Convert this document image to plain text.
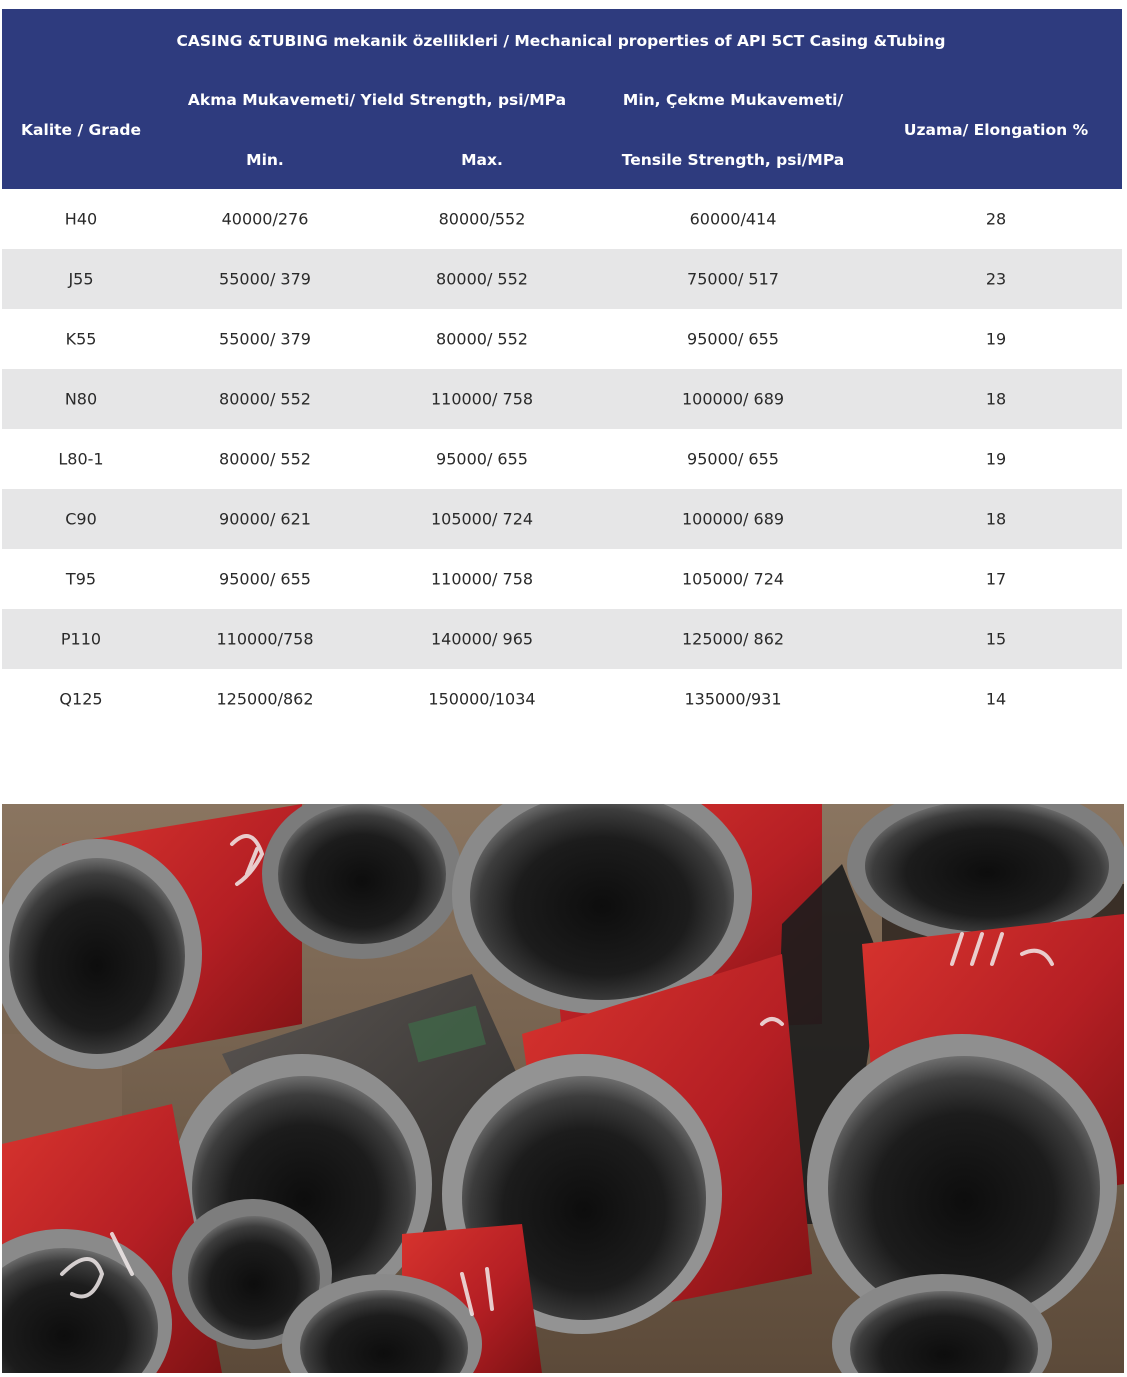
CASING &TUBING mekanik özellikleri / Mechanical properties of API 5CT Casing &Tubing
Kalite / Grade
Akma Mukavemeti/ Yield Strength, psi/MPa
Min.	Max.
Min, Çekme Mukavemeti/
Tensile Strength, psi/MPa
Uzama/ Elongation %
H40	40000/276	80000/552	60000/414	28
J55	55000/ 379	80000/ 552	75000/ 517	23
K55	55000/ 379	80000/ 552	95000/ 655	19
N80	80000/ 552	110000/ 758	100000/ 689	18
L80-1	80000/ 552	95000/ 655	95000/ 655	19
C90	90000/ 621	105000/ 724	100000/ 689	18
T95	95000/ 655	110000/ 758	105000/ 724	17
P110	110000/758	140000/ 965	125000/ 862	15
Q125	125000/862	150000/1034	135000/931	14
